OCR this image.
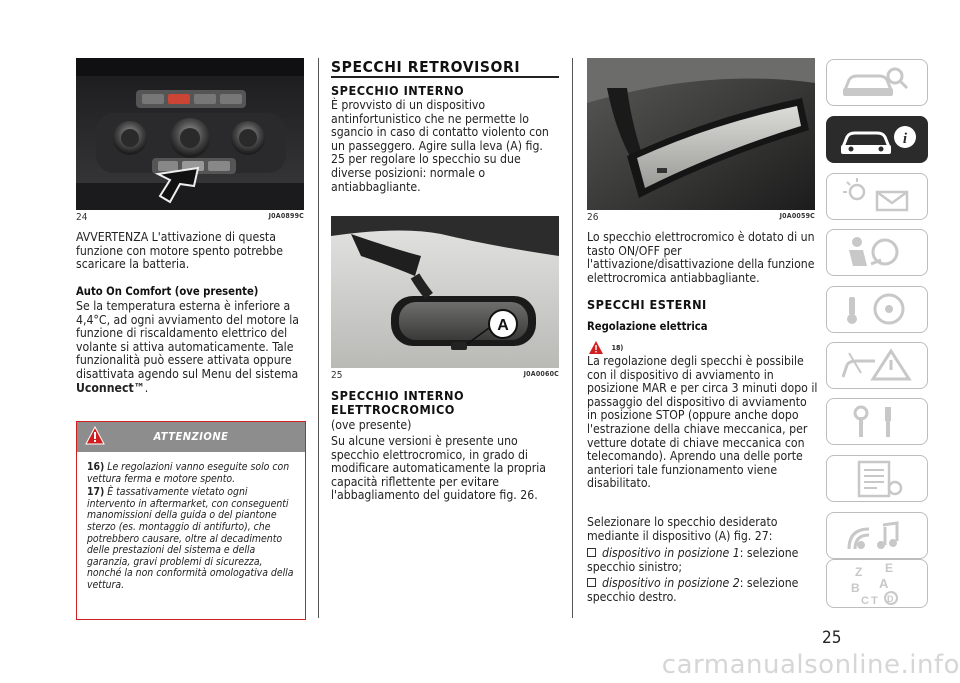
24	J0A0899C
AVVERTENZA L'attivazione di questa funzione con motore spento potrebbe scaricare la batteria.
Auto On Comfort (ove presente)
Se la temperatura esterna è inferiore a 4,4°C, ad ogni avviamento del motore la funzione di riscaldamento elettrico del volante si attiva automaticamente. Tale funzionalità può essere attivata oppure disattivata agendo sul Menu del sistema Uconnect™.
ATTENZIONE
16) Le regolazioni vanno eseguite solo con vettura ferma e motore spento.
17) È tassativamente vietato ogni intervento in aftermarket, con conseguenti manomissioni della guida o del piantone sterzo (es. montaggio di antifurto), che potrebbero causare, oltre al decadimento delle prestazioni del sistema e della garanzia, gravi problemi di sicurezza, nonché la non conformità omologativa della vettura.
SPECCHI RETROVISORI
SPECCHIO INTERNO
È provvisto di un dispositivo antinfortunistico che ne permette lo sgancio in caso di contatto violento con un passeggero. Agire sulla leva (A) fig. 25 per regolare lo specchio su due diverse posizioni: normale o antiabbagliante.
A
25	J0A0060C
SPECCHIO INTERNO
ELETTROCROMICO
(ove presente)
Su alcune versioni è presente uno specchio elettrocromico, in grado di modificare automaticamente la propria capacità riflettente per evitare l'abbagliamento del guidatore fig. 26.
26	J0A0059C
Lo specchio elettrocromico è dotato di un tasto ON/OFF per l'attivazione/disattivazione della funzione elettrocromica antiabbagliante.
SPECCHI ESTERNI
Regolazione elettrica
$^{18)}$
La regolazione degli specchi è possibile con il dispositivo di avviamento in posizione MAR e per circa 3 minuti dopo il passaggio del dispositivo di avviamento in posizione STOP (oppure anche dopo l'estrazione della chiave meccanica, per vetture dotate di chiave meccanica con telecomando). Aprendo una delle porte anteriori tale funzionamento viene disabilitato.
Selezionare lo specchio desiderato mediante il dispositivo (A) fig. 27:
dispositivo in posizione 1: selezione specchio sinistro;
dispositivo in posizione 2: selezione specchio destro.
i
Z E
B A
C T D
25
carmanualsonline.info
